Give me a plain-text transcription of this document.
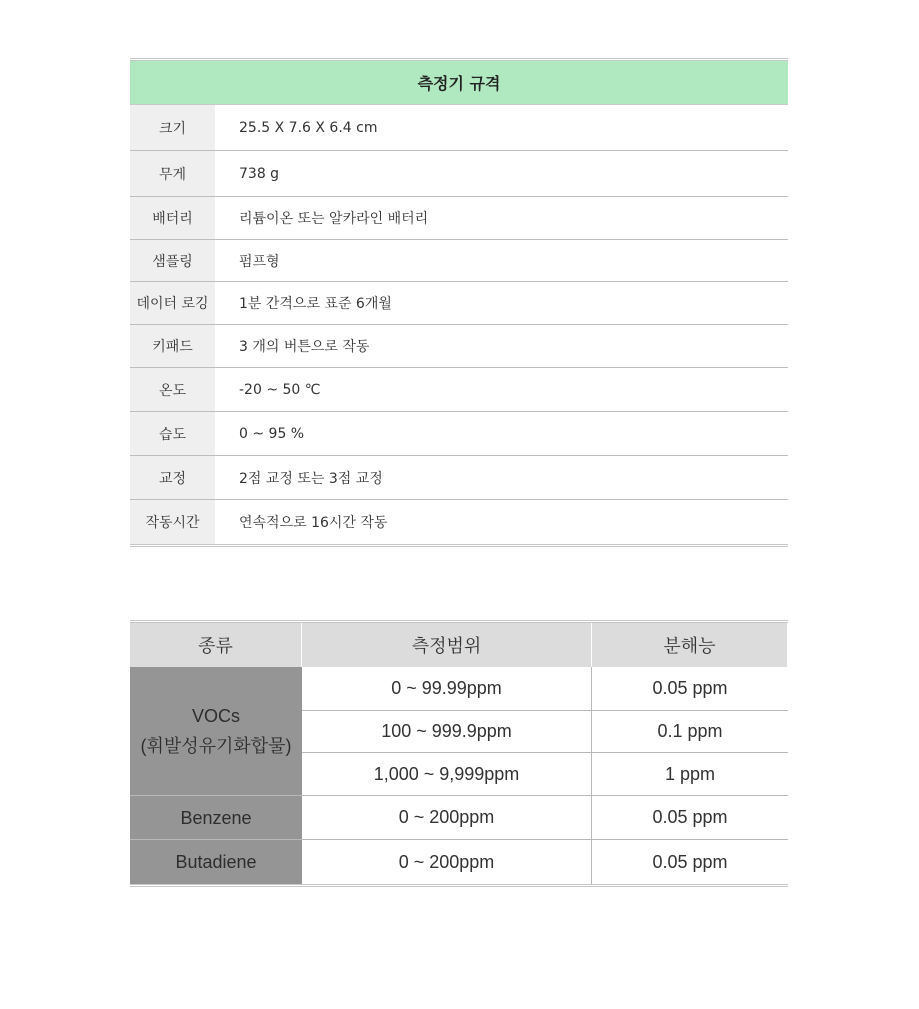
측정기 규격
크기	25.5 X 7.6 X 6.4 cm
무게	738 g
배터리	리튬이온 또는 알카라인 배터리
샘플링	펌프형
데이터 로깅	1분 간격으로 표준 6개월
키패드	3 개의 버튼으로 작동
온도	-20 ~ 50 ℃
습도	0 ~ 95 %
교정	2점 교정 또는 3점 교정
작동시간	연속적으로 16시간 작동
종류	측정범위	분해능
VOCs
(휘발성유기화합물)
0 ~ 99.99ppm	0.05 ppm
100 ~ 999.9ppm	0.1 ppm
1,000 ~ 9,999ppm	1 ppm
Benzene	0 ~ 200ppm	0.05 ppm
Butadiene	0 ~ 200ppm	0.05 ppm
